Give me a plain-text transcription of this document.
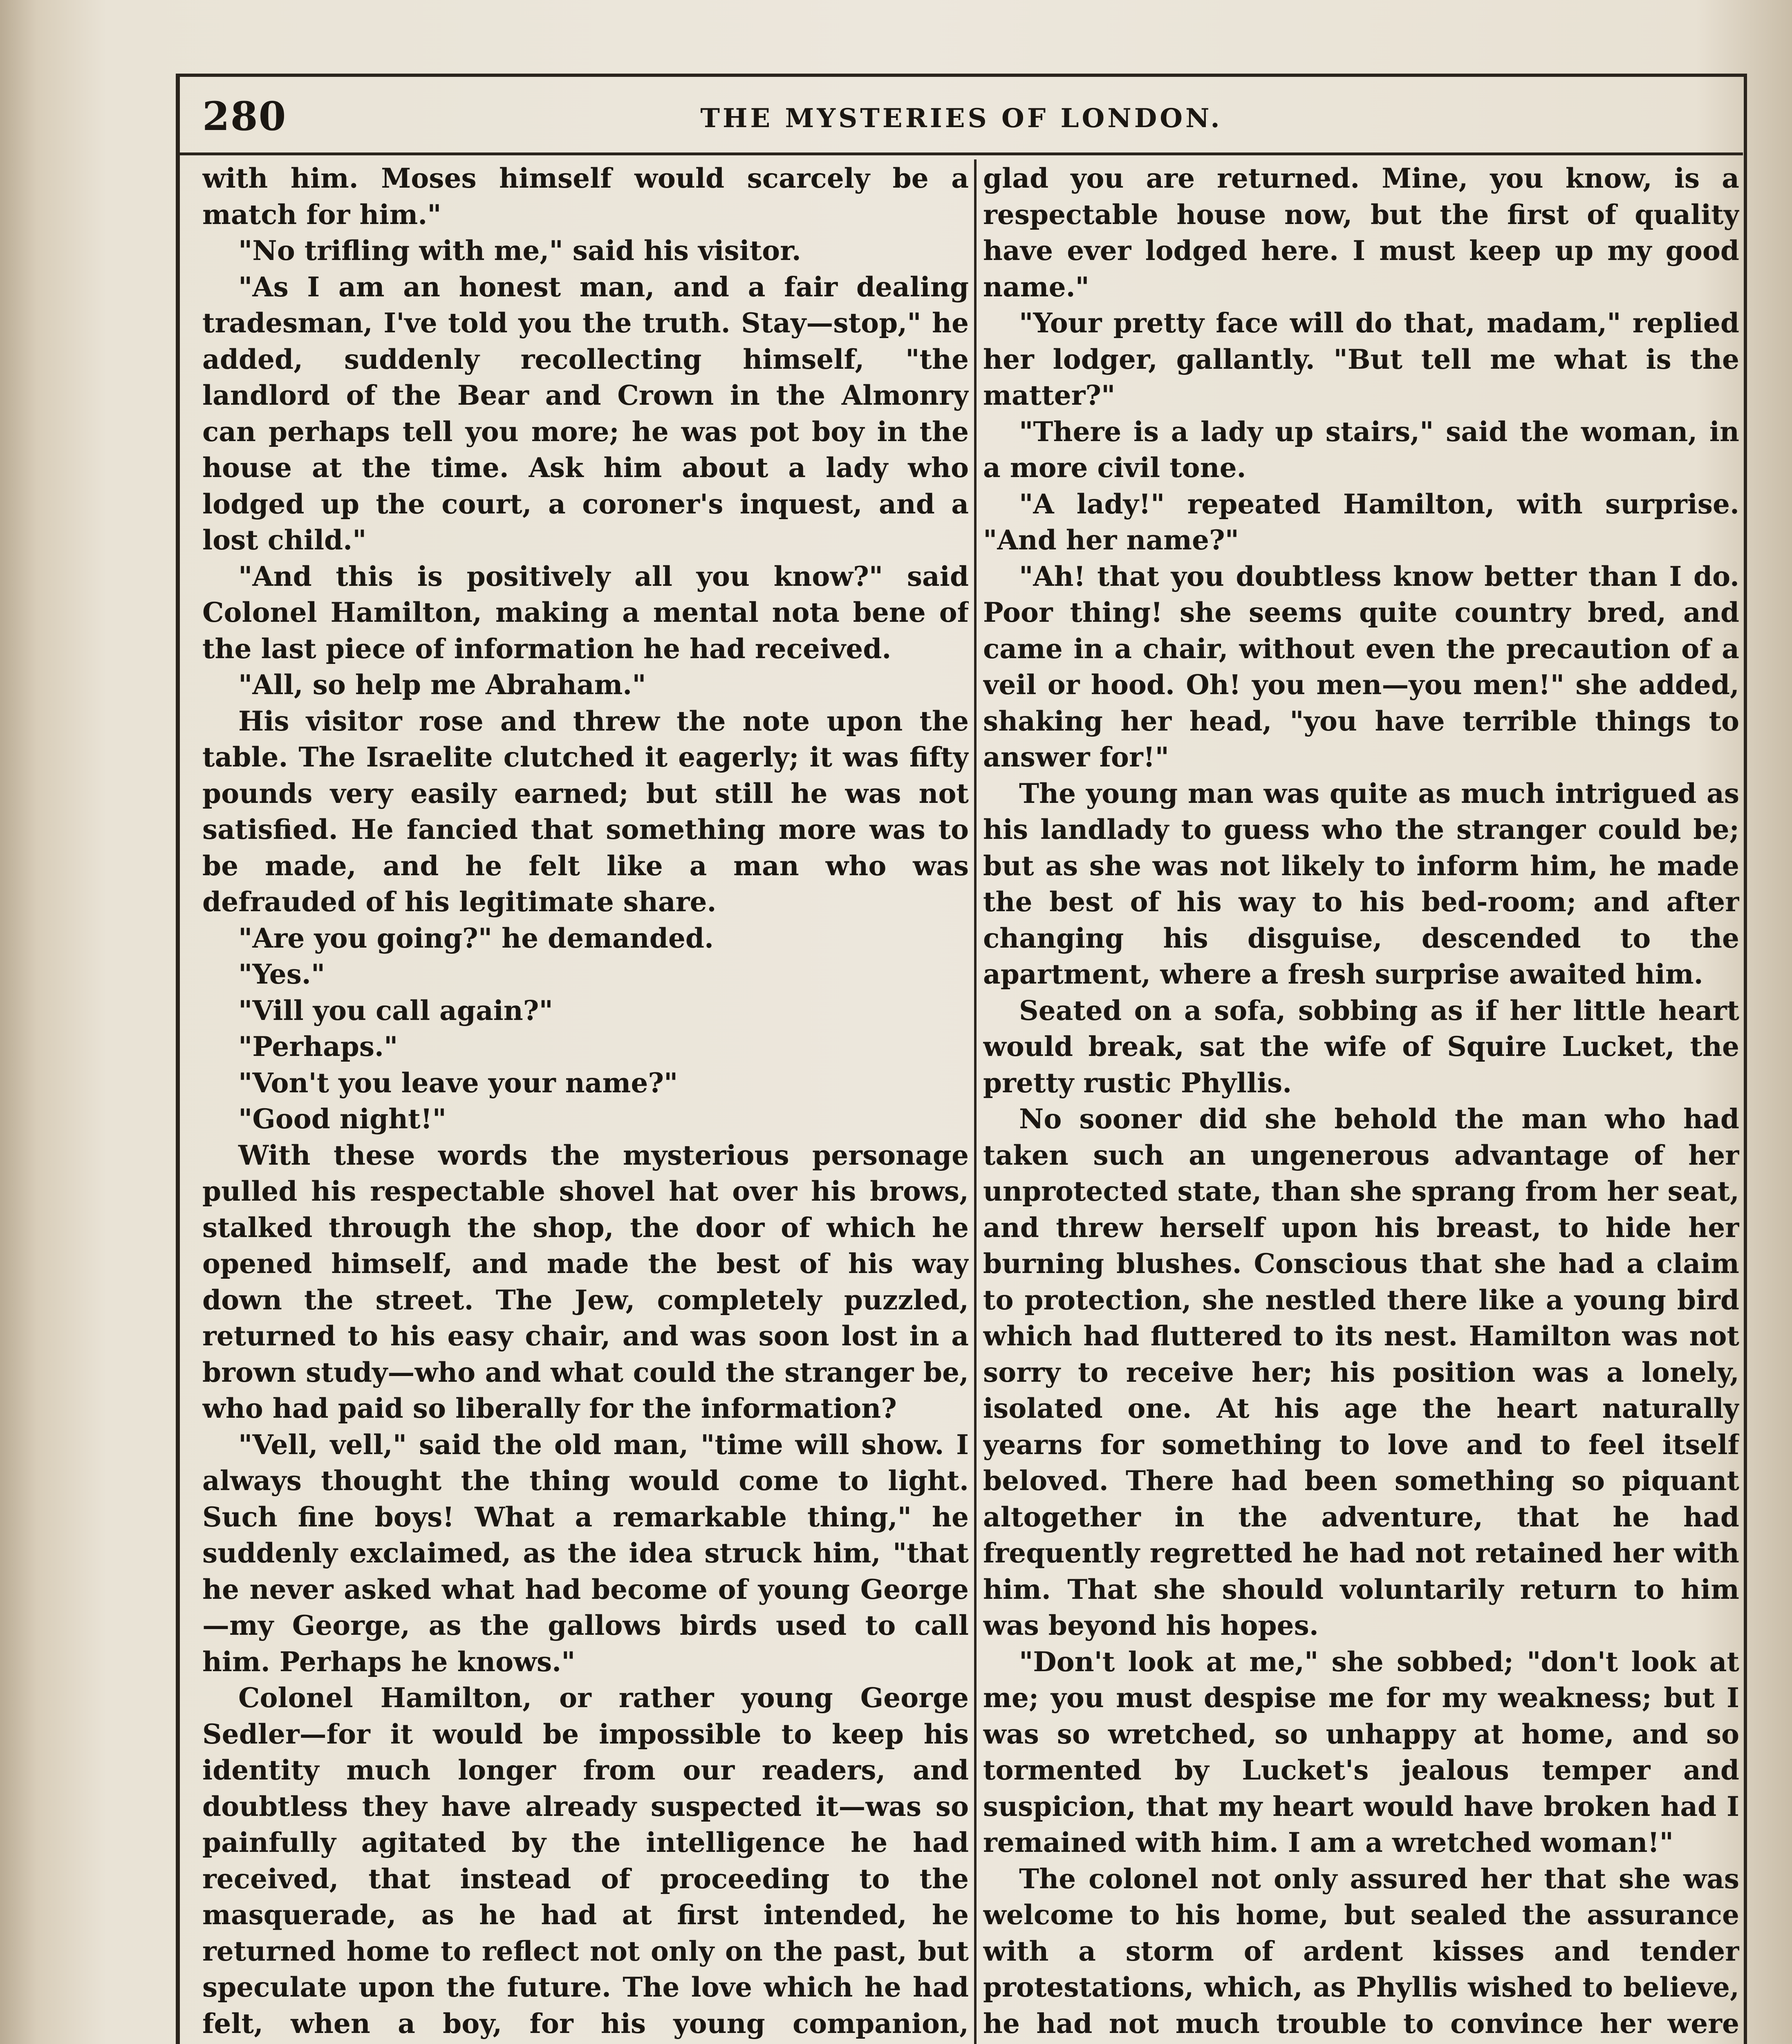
280	THE MYSTERIES OF LONDON.

with him. Moses himself would scarcely be a match for him."

"No trifling with me," said his visitor.

"As I am an honest man, and a fair dealing tradesman, I've told you the truth. Stay—stop," he added, suddenly recollecting himself, "the landlord of the Bear and Crown in the Almonry can perhaps tell you more; he was pot boy in the house at the time. Ask him about a lady who lodged up the court, a coroner's inquest, and a lost child."

"And this is positively all you know?" said Colonel Hamilton, making a mental nota bene of the last piece of information he had received.

"All, so help me Abraham."

His visitor rose and threw the note upon the table. The Israelite clutched it eagerly; it was fifty pounds very easily earned; but still he was not satisfied. He fancied that something more was to be made, and he felt like a man who was defrauded of his legitimate share.

"Are you going?" he demanded.

"Yes."

"Vill you call again?"

"Perhaps."

"Von't you leave your name?"

"Good night!"

With these words the mysterious personage pulled his respectable shovel hat over his brows, stalked through the shop, the door of which he opened himself, and made the best of his way down the street. The Jew, completely puzzled, returned to his easy chair, and was soon lost in a brown study—who and what could the stranger be, who had paid so liberally for the information?

"Vell, vell," said the old man, "time will show. I always thought the thing would come to light. Such fine boys! What a remarkable thing," he suddenly exclaimed, as the idea struck him, "that he never asked what had become of young George—my George, as the gallows birds used to call him. Perhaps he knows."

Colonel Hamilton, or rather young George Sedler—for it would be impossible to keep his identity much longer from our readers, and doubtless they have already suspected it—was so painfully agitated by the intelligence he had received, that instead of proceeding to the masquerade, as he had at first intended, he returned home to reflect not only on the past, but speculate upon the future. The love which he had felt, when a boy, for his young companion,

glad you are returned. Mine, you know, is a respectable house now, but the first of quality have ever lodged here. I must keep up my good name."

"Your pretty face will do that, madam," replied her lodger, gallantly. "But tell me what is the matter?"

"There is a lady up stairs," said the woman, in a more civil tone.

"A lady!" repeated Hamilton, with surprise. "And her name?"

"Ah! that you doubtless know better than I do. Poor thing! she seems quite country bred, and came in a chair, without even the precaution of a veil or hood. Oh! you men—you men!" she added, shaking her head, "you have terrible things to answer for!"

The young man was quite as much intrigued as his landlady to guess who the stranger could be; but as she was not likely to inform him, he made the best of his way to his bed-room; and after changing his disguise, descended to the apartment, where a fresh surprise awaited him.

Seated on a sofa, sobbing as if her little heart would break, sat the wife of Squire Lucket, the pretty rustic Phyllis.

No sooner did she behold the man who had taken such an ungenerous advantage of her unprotected state, than she sprang from her seat, and threw herself upon his breast, to hide her burning blushes. Conscious that she had a claim to protection, she nestled there like a young bird which had fluttered to its nest. Hamilton was not sorry to receive her; his position was a lonely, isolated one. At his age the heart naturally yearns for something to love and to feel itself beloved. There had been something so piquant altogether in the adventure, that he had frequently regretted he had not retained her with him. That she should voluntarily return to him was beyond his hopes.

"Don't look at me," she sobbed; "don't look at me; you must despise me for my weakness; but I was so wretched, so unhappy at home, and so tormented by Lucket's jealous temper and suspicion, that my heart would have broken had I remained with him. I am a wretched woman!"

The colonel not only assured her that she was welcome to his home, but sealed the assurance with a storm of ardent kisses and tender protestations, which, as Phyllis wished to believe, he had not much trouble to convince her were
